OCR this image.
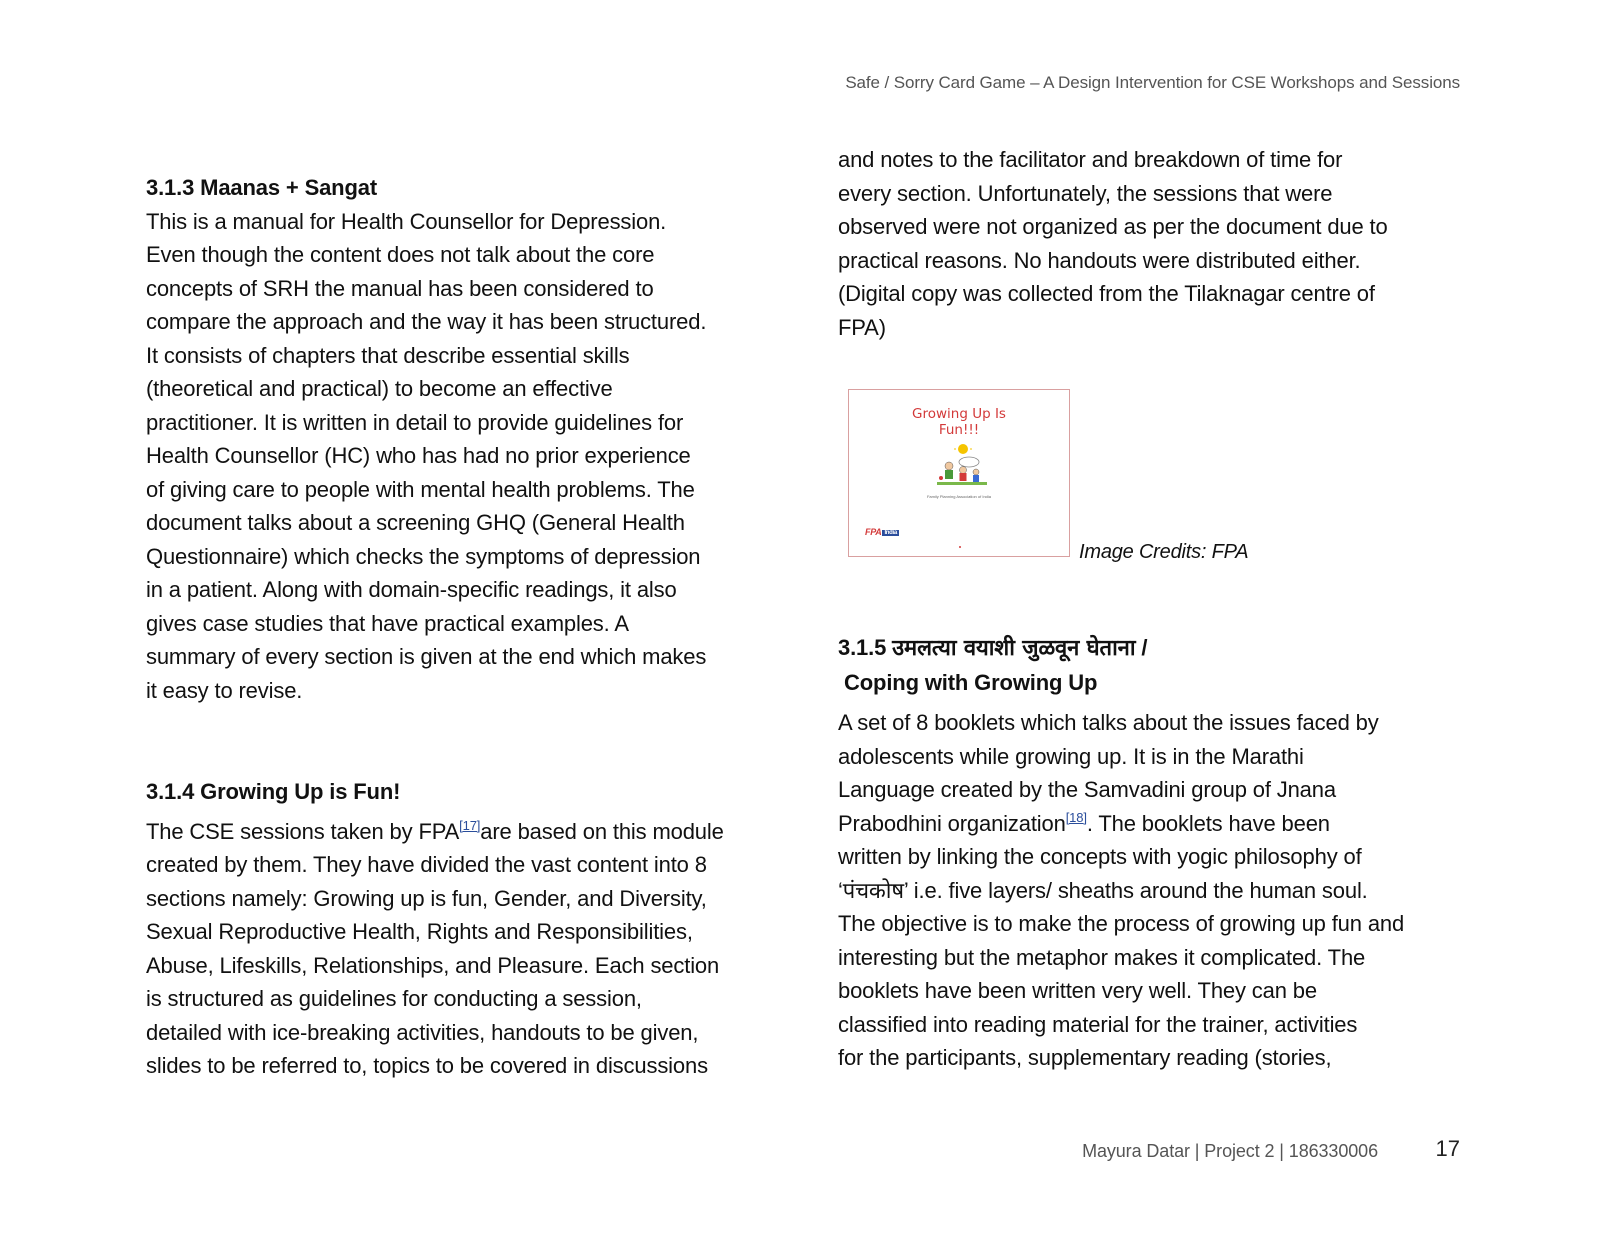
Safe / Sorry Card Game – A Design Intervention for CSE Workshops and Sessions
3.1.3 Maanas + Sangat
This is a manual for Health Counsellor for Depression.
Even though the content does not talk about the core
concepts of SRH the manual has been considered to
compare the approach and the way it has been structured.
It consists of chapters that describe essential skills
(theoretical and practical) to become an effective
practitioner. It is written in detail to provide guidelines for
Health Counsellor (HC) who has had no prior experience
of giving care to people with mental health problems. The
document talks about a screening GHQ (General Health
Questionnaire) which checks the symptoms of depression
in a patient. Along with domain-specific readings, it also
gives case studies that have practical examples. A
summary of every section is given at the end which makes
it easy to revise.
3.1.4 Growing Up is Fun!
The CSE sessions taken by FPA[17]are based on this module
created by them. They have divided the vast content into 8
sections namely: Growing up is fun, Gender, and Diversity,
Sexual Reproductive Health, Rights and Responsibilities,
Abuse, Lifeskills, Relationships, and Pleasure. Each section
is structured as guidelines for conducting a session,
detailed with ice-breaking activities, handouts to be given,
slides to be referred to, topics to be covered in discussions
and notes to the facilitator and breakdown of time for
every section. Unfortunately, the sessions that were
observed were not organized as per the document due to
practical reasons. No handouts were distributed either.
(Digital copy was collected from the Tilaknagar centre of
FPA)
Growing Up Is
Fun!!!
Family Planning Association of India
FPA India
Image Credits: FPA
3.1.5 उमलत्या वयाशी जुळवून घेताना /
Coping with Growing Up
A set of 8 booklets which talks about the issues faced by
adolescents while growing up. It is in the Marathi
Language created by the Samvadini group of Jnana
Prabodhini organization[18]. The booklets have been
written by linking the concepts with yogic philosophy of
‘पंचकोष’ i.e. five layers/ sheaths around the human soul.
The objective is to make the process of growing up fun and
interesting but the metaphor makes it complicated. The
booklets have been written very well. They can be
classified into reading material for the trainer, activities
for the participants, supplementary reading (stories,
Mayura Datar | Project 2 | 186330006	17
